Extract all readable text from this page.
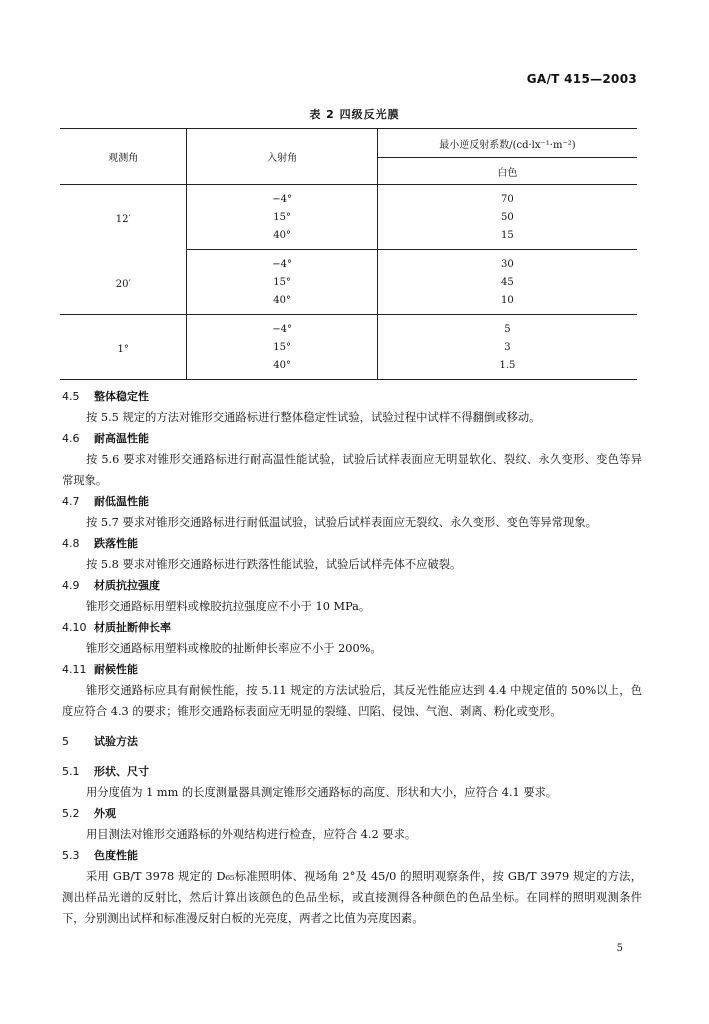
GA/T 415—2003
表 2 四级反光膜
观测角	入射角	最小逆反射系数/(cd·lx⁻¹·m⁻²)
		白色
12′	−4°	70
	15°	50
	40°	15
20′	−4°	30
	15°	45
	40°	10
1°	−4°	5
	15°	3
	40°	1.5

4.5 整体稳定性

按 5.5 规定的方法对锥形交通路标进行整体稳定性试验，试验过程中试样不得翻倒或移动。

4.6 耐高温性能

按 5.6 要求对锥形交通路标进行耐高温性能试验，试验后试样表面应无明显软化、裂纹、永久变形、变色等异常现象。

4.7 耐低温性能

按 5.7 要求对锥形交通路标进行耐低温试验，试验后试样表面应无裂纹、永久变形、变色等异常现象。

4.8 跌落性能

按 5.8 要求对锥形交通路标进行跌落性能试验，试验后试样壳体不应破裂。

4.9 材质抗拉强度

锥形交通路标用塑料或橡胶抗拉强度应不小于 10 MPa。

4.10 材质扯断伸长率

锥形交通路标用塑料或橡胶的扯断伸长率应不小于 200%。

4.11 耐候性能

锥形交通路标应具有耐候性能，按 5.11 规定的方法试验后，其反光性能应达到 4.4 中规定值的 50%以上，色度应符合 4.3 的要求；锥形交通路标表面应无明显的裂缝、凹陷、侵蚀、气泡、剥离、粉化或变形。

5 试验方法

5.1 形状、尺寸

用分度值为 1 mm 的长度测量器具测定锥形交通路标的高度、形状和大小，应符合 4.1 要求。

5.2 外观

用目测法对锥形交通路标的外观结构进行检查，应符合 4.2 要求。

5.3 色度性能

采用 GB/T 3978 规定的 D₆₅标准照明体、视场角 2°及 45/0 的照明观察条件，按 GB/T 3979 规定的方法，测出样品光谱的反射比，然后计算出该颜色的色品坐标，或直接测得各种颜色的色品坐标。在同样的照明观测条件下，分别测出试样和标准漫反射白板的光亮度，两者之比值为亮度因素。

5
